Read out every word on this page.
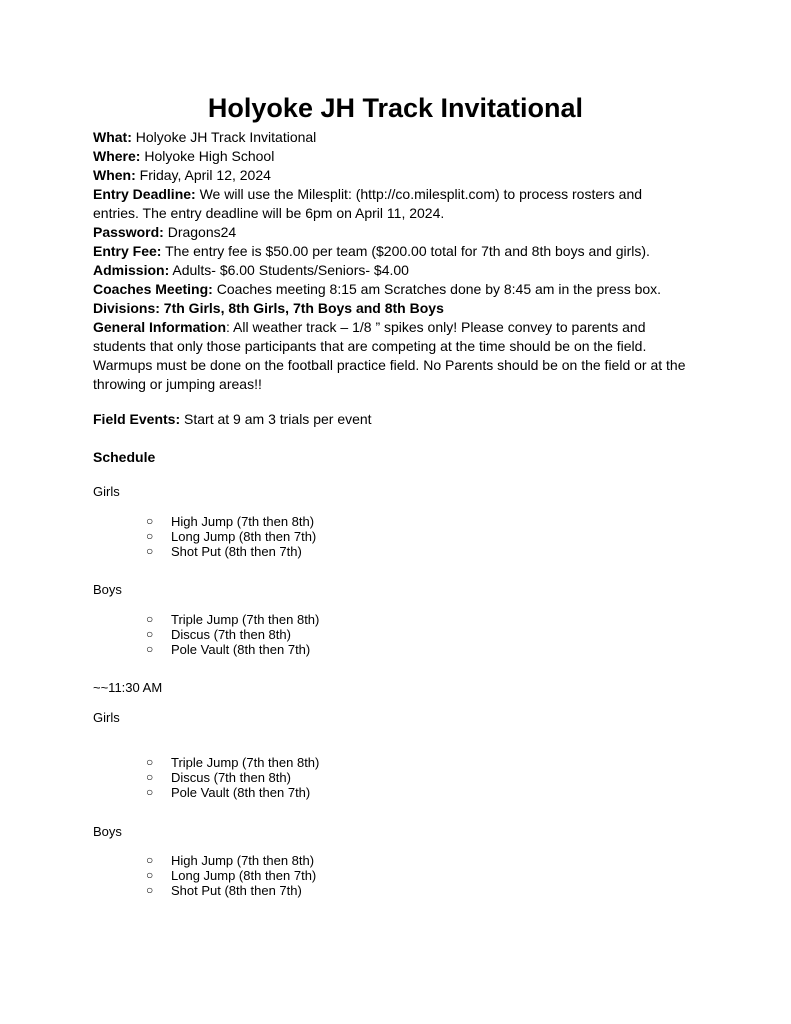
Holyoke JH Track Invitational
What: Holyoke JH Track Invitational
Where: Holyoke High School
When: Friday, April 12, 2024
Entry Deadline: We will use the Milesplit: (http://co.milesplit.com) to process rosters and
entries. The entry deadline will be 6pm on April 11, 2024.
Password: Dragons24
Entry Fee: The entry fee is $50.00 per team ($200.00 total for 7th and 8th boys and girls).
Admission: Adults- $6.00 Students/Seniors- $4.00
Coaches Meeting: Coaches meeting 8:15 am Scratches done by 8:45 am in the press box.
Divisions: 7th Girls, 8th Girls, 7th Boys and 8th Boys
General Information: All weather track – 1/8 ” spikes only! Please convey to parents and
students that only those participants that are competing at the time should be on the field.
Warmups must be done on the football practice field. No Parents should be on the field or at the
throwing or jumping areas!!
Field Events: Start at 9 am 3 trials per event
Schedule
Girls
○ High Jump (7th then 8th)
○ Long Jump (8th then 7th)
○ Shot Put (8th then 7th)
Boys
○ Triple Jump (7th then 8th)
○ Discus (7th then 8th)
○ Pole Vault (8th then 7th)
~~11:30 AM
Girls
○ Triple Jump (7th then 8th)
○ Discus (7th then 8th)
○ Pole Vault (8th then 7th)
Boys
○ High Jump (7th then 8th)
○ Long Jump (8th then 7th)
○ Shot Put (8th then 7th)
